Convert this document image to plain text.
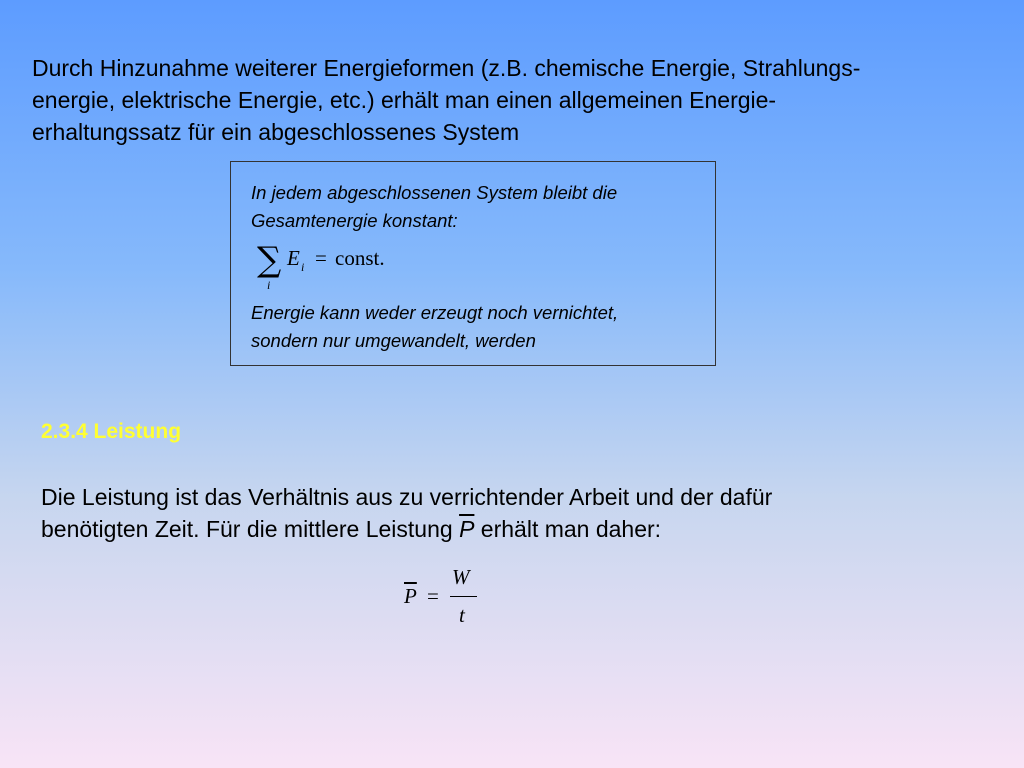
Durch Hinzunahme weiterer Energieformen (z.B. chemische Energie, Strahlungs-
energie, elektrische Energie, etc.) erhält man einen allgemeinen Energie-
erhaltungssatz für ein abgeschlossenes System
In jedem abgeschlossenen System bleibt die
Gesamtenergie konstant:
∑
i
E i = const.
Energie kann weder erzeugt noch vernichtet,
sondern nur umgewandelt, werden
2.3.4 Leistung
Die Leistung ist das Verhältnis aus zu verrichtender Arbeit und der dafür
benötigten Zeit. Für die mittlere Leistung $\overline{P}$ erhält man daher:
$\overline{P}$ =
W
t
